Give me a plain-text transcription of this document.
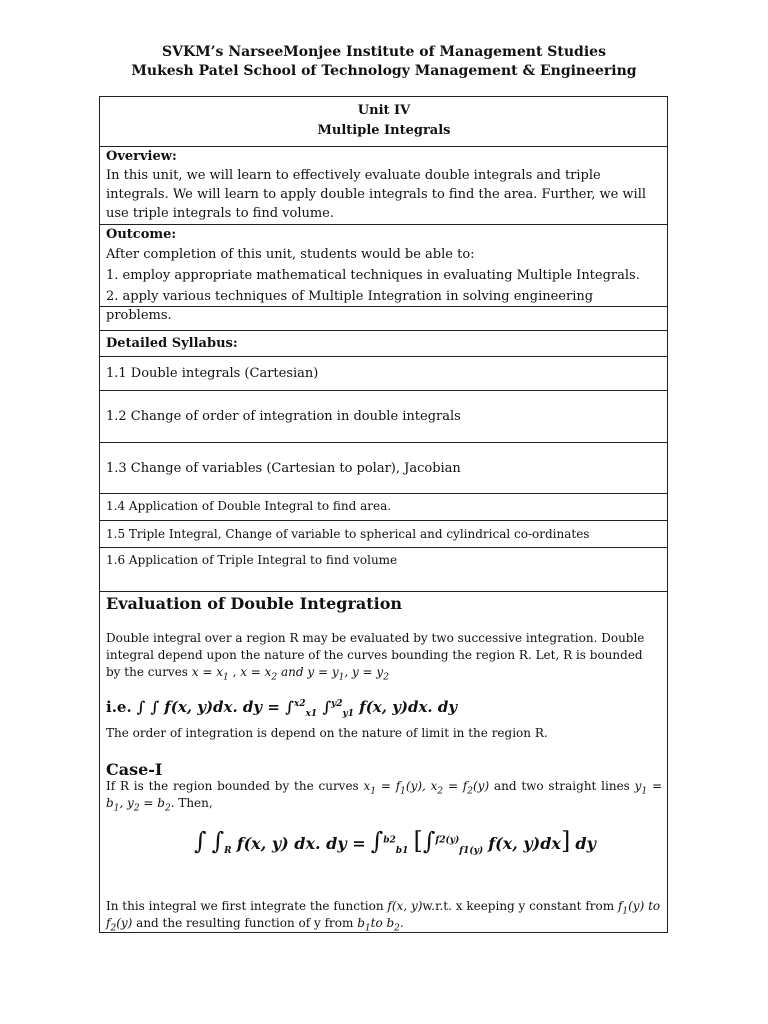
SVKM’s NarseeMonjee Institute of Management Studies
Mukesh Patel School of Technology Management & Engineering
Unit IV
Multiple Integrals
Overview:
In this unit, we will learn to effectively evaluate double integrals and triple integrals. We will learn to apply double integrals to find the area. Further, we will use triple integrals to find volume.
Outcome:
After completion of this unit, students would be able to:
1. employ appropriate mathematical techniques in evaluating Multiple Integrals.
2. apply various techniques of Multiple Integration in solving engineering problems.
Detailed Syllabus:
1.1 Double integrals (Cartesian)
1.2 Change of order of integration in double integrals
1.3 Change of variables (Cartesian to polar), Jacobian
1.4 Application of Double Integral to find area.
1.5 Triple Integral, Change of variable to spherical and cylindrical co-ordinates
1.6 Application of Triple Integral to find volume
Evaluation of Double Integration
Double integral over a region R may be evaluated by two successive integration. Double integral depend upon the nature of the curves bounding the region R. Let, R is bounded
by the curves $x = x_1$ , $x = x_2$ and $y = y_1$, $y = y_2$
i.e. ∫ ∫ f(x, y)dx. dy = ∫$^{x2}_{x1}$ ∫$^{y2}_{y1}$ f(x, y)dx. dy
The order of integration is depend on the nature of limit in the region R.
Case-I
If R is the region bounded by the curves $x_1 = f_1(y)$, $x_2 = f_2(y)$ and two straight lines $y_1 = b_1$, $y_2 = b_2$. Then,
∫ $\int_R$ f(x, y) dx. dy = ∫$^{b2}_{b1}$ [∫$^{f2(y)}_{f1(y)}$ f(x, y)dx] dy
In this integral we first integrate the function f(x, y)w.r.t. x keeping y constant from $f_1(y)$ to $f_2(y)$ and the resulting function of y from $b_1to$ $b_2$.
